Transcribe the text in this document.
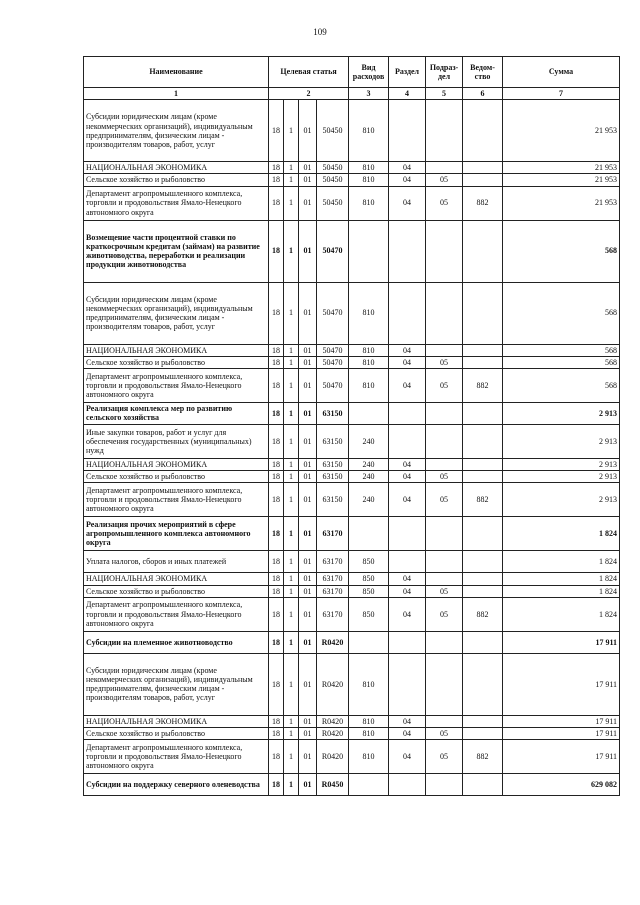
109
Наименование	Целевая статья				Вид расходов	Раздел	Подраз-дел	Ведом-ство	Сумма
1	2				3	4	5	6	7
Субсидии юридическим лицам (кроме некоммерческих организаций), индивидуальным предпринимателям, физическим лицам - производителям товаров, работ, услуг	18	1	01	50450	810				21 953
НАЦИОНАЛЬНАЯ ЭКОНОМИКА	18	1	01	50450	810	04			21 953
Сельское хозяйство и рыболовство	18	1	01	50450	810	04	05		21 953
Департамент агропромышленного комплекса, торговли и продовольствия Ямало-Ненецкого автономного округа	18	1	01	50450	810	04	05	882	21 953
Возмещение части процентной ставки по краткосрочным кредитам (займам) на развитие животноводства, переработки и реализации продукции животноводства	18	1	01	50470					568
Субсидии юридическим лицам (кроме некоммерческих организаций), индивидуальным предпринимателям, физическим лицам - производителям товаров, работ, услуг	18	1	01	50470	810				568
НАЦИОНАЛЬНАЯ ЭКОНОМИКА	18	1	01	50470	810	04			568
Сельское хозяйство и рыболовство	18	1	01	50470	810	04	05		568
Департамент агропромышленного комплекса, торговли и продовольствия Ямало-Ненецкого автономного округа	18	1	01	50470	810	04	05	882	568
Реализация комплекса мер по развитию сельского хозяйства	18	1	01	63150					2 913
Иные закупки товаров, работ и услуг для обеспечения государственных (муниципальных) нужд	18	1	01	63150	240				2 913
НАЦИОНАЛЬНАЯ ЭКОНОМИКА	18	1	01	63150	240	04			2 913
Сельское хозяйство и рыболовство	18	1	01	63150	240	04	05		2 913
Департамент агропромышленного комплекса, торговли и продовольствия Ямало-Ненецкого автономного округа	18	1	01	63150	240	04	05	882	2 913
Реализация прочих мероприятий в сфере агропромышленного комплекса автономного округа	18	1	01	63170					1 824
Уплата налогов, сборов и иных платежей	18	1	01	63170	850				1 824
НАЦИОНАЛЬНАЯ ЭКОНОМИКА	18	1	01	63170	850	04			1 824
Сельское хозяйство и рыболовство	18	1	01	63170	850	04	05		1 824
Департамент агропромышленного комплекса, торговли и продовольствия Ямало-Ненецкого автономного округа	18	1	01	63170	850	04	05	882	1 824
Субсидии на племенное животноводство	18	1	01	R0420					17 911
Субсидии юридическим лицам (кроме некоммерческих организаций), индивидуальным предпринимателям, физическим лицам - производителям товаров, работ, услуг	18	1	01	R0420	810				17 911
НАЦИОНАЛЬНАЯ ЭКОНОМИКА	18	1	01	R0420	810	04			17 911
Сельское хозяйство и рыболовство	18	1	01	R0420	810	04	05		17 911
Департамент агропромышленного комплекса, торговли и продовольствия Ямало-Ненецкого автономного округа	18	1	01	R0420	810	04	05	882	17 911
Субсидии на поддержку северного оленеводства	18	1	01	R0450					629 082
